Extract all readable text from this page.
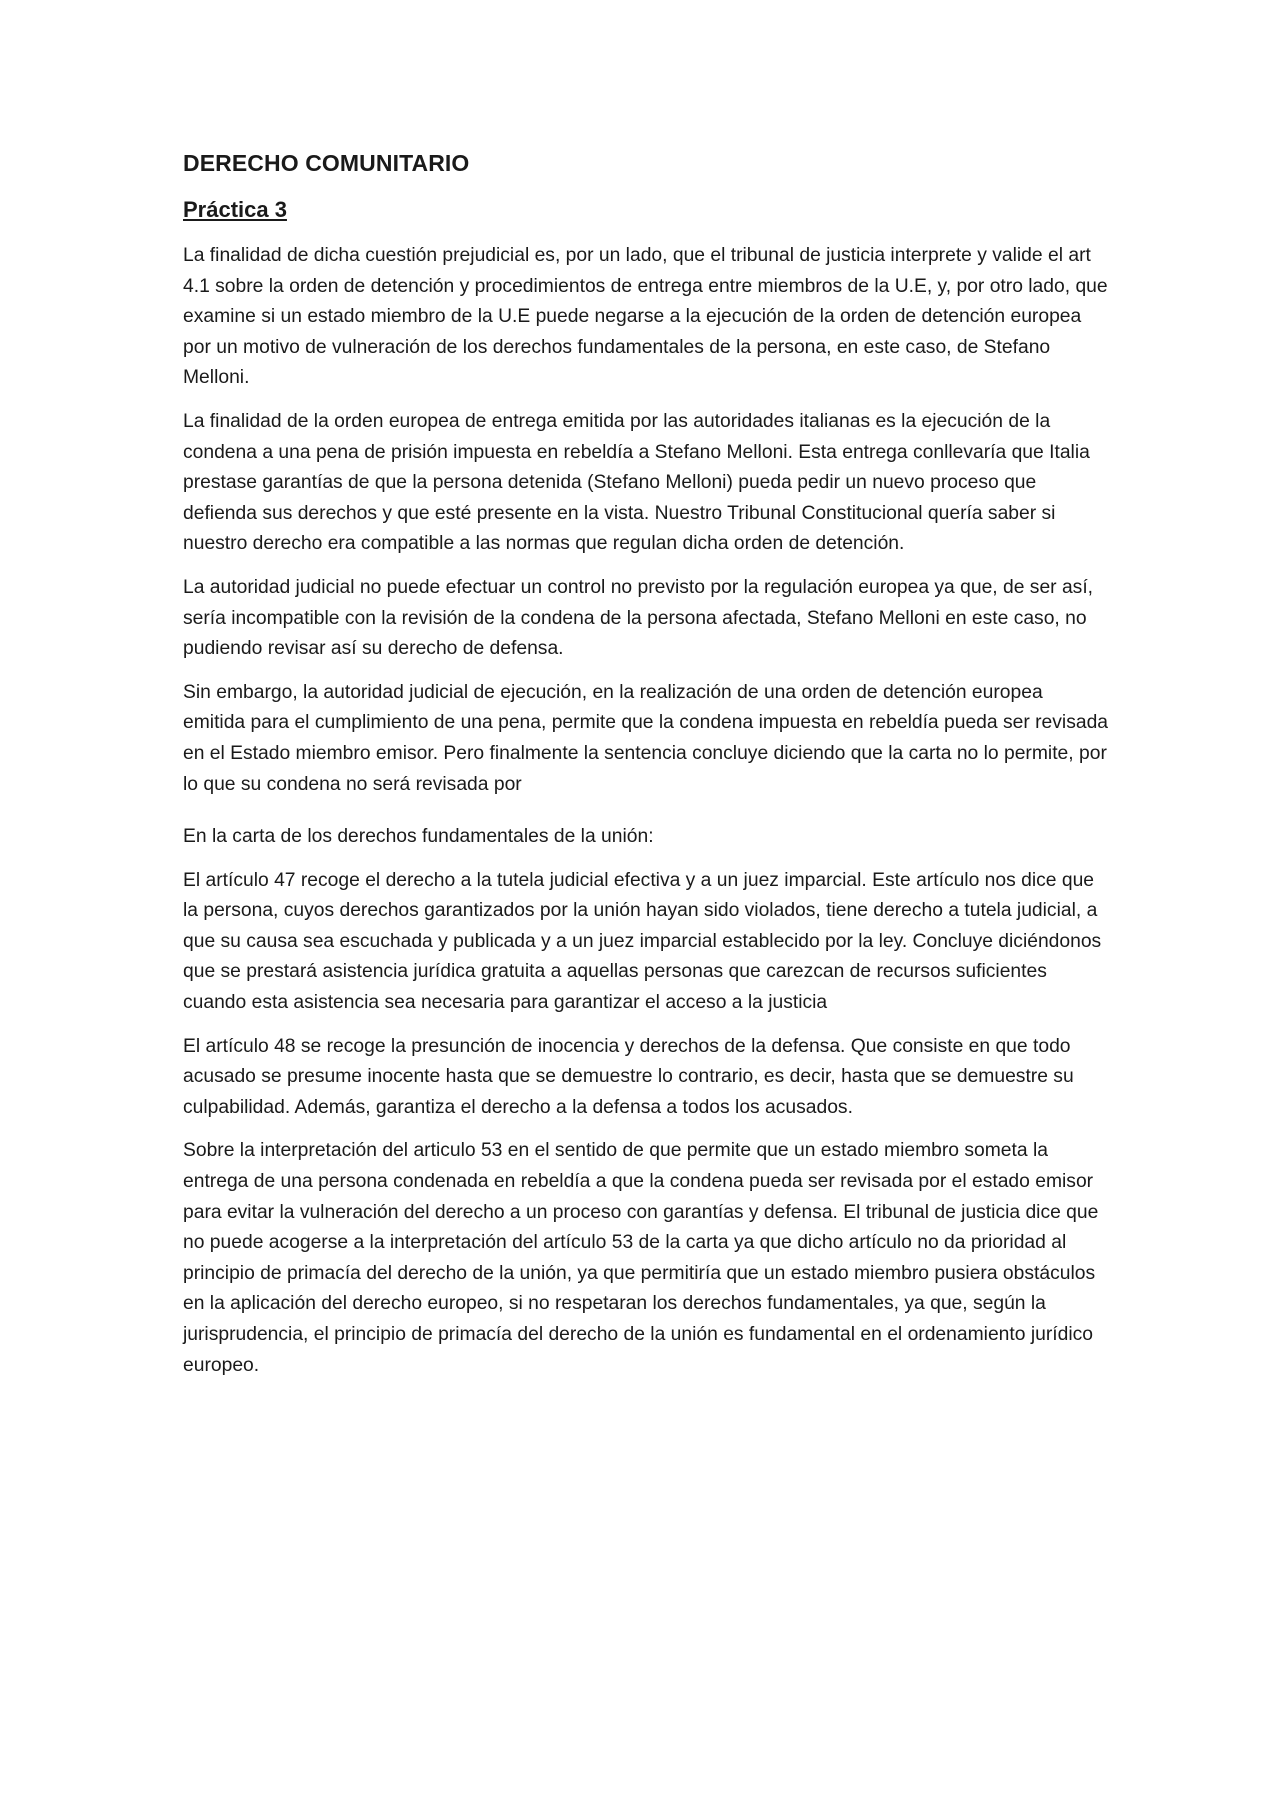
DERECHO COMUNITARIO
Práctica 3

La finalidad de dicha cuestión prejudicial es, por un lado, que el tribunal de justicia interprete y valide el art 4.1 sobre la orden de detención y procedimientos de entrega entre miembros de la U.E, y, por otro lado, que examine si un estado miembro de la U.E puede negarse a la ejecución de la orden de detención europea por un motivo de vulneración de los derechos fundamentales de la persona, en este caso, de Stefano Melloni.

La finalidad de la orden europea de entrega emitida por las autoridades italianas es la ejecución de la condena a una pena de prisión impuesta en rebeldía a Stefano Melloni. Esta entrega conllevaría que Italia prestase garantías de que la persona detenida (Stefano Melloni) pueda pedir un nuevo proceso que defienda sus derechos y que esté presente en la vista. Nuestro Tribunal Constitucional quería saber si nuestro derecho era compatible a las normas que regulan dicha orden de detención.

La autoridad judicial no puede efectuar un control no previsto por la regulación europea ya que, de ser así, sería incompatible con la revisión de la condena de la persona afectada, Stefano Melloni en este caso, no pudiendo revisar así su derecho de defensa.

Sin embargo, la autoridad judicial de ejecución, en la realización de una orden de detención europea emitida para el cumplimiento de una pena, permite que la condena impuesta en rebeldía pueda ser revisada en el Estado miembro emisor. Pero finalmente la sentencia concluye diciendo que la carta no lo permite, por lo que su condena no será revisada por

En la carta de los derechos fundamentales de la unión:

El artículo 47 recoge el derecho a la tutela judicial efectiva y a un juez imparcial. Este artículo nos dice que la persona, cuyos derechos garantizados por la unión hayan sido violados, tiene derecho a tutela judicial, a que su causa sea escuchada y publicada y a un juez imparcial establecido por la ley. Concluye diciéndonos que se prestará asistencia jurídica gratuita a aquellas personas que carezcan de recursos suficientes cuando esta asistencia sea necesaria para garantizar el acceso a la justicia

El artículo 48 se recoge la presunción de inocencia y derechos de la defensa. Que consiste en que todo acusado se presume inocente hasta que se demuestre lo contrario, es decir, hasta que se demuestre su culpabilidad. Además, garantiza el derecho a la defensa a todos los acusados.

Sobre la interpretación del articulo 53 en el sentido de que permite que un estado miembro someta la entrega de una persona condenada en rebeldía a que la condena pueda ser revisada por el estado emisor para evitar la vulneración del derecho a un proceso con garantías y defensa. El tribunal de justicia dice que no puede acogerse a la interpretación del artículo 53 de la carta ya que dicho artículo no da prioridad al principio de primacía del derecho de la unión, ya que permitiría que un estado miembro pusiera obstáculos en la aplicación del derecho europeo, si no respetaran los derechos fundamentales, ya que, según la jurisprudencia, el principio de primacía del derecho de la unión es fundamental en el ordenamiento jurídico europeo.
